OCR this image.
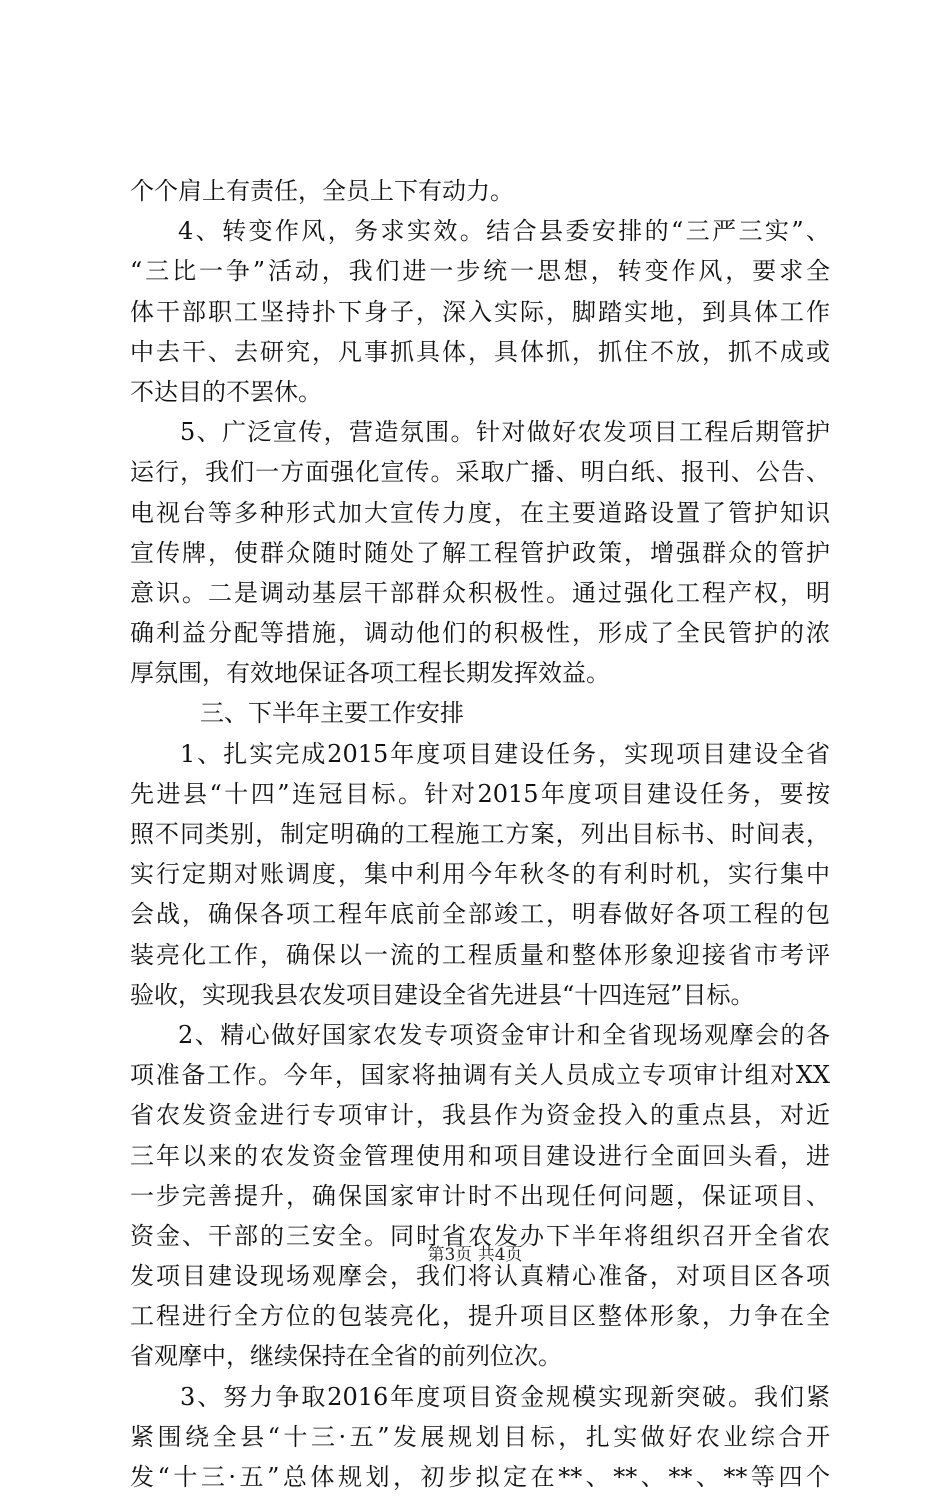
个个肩上有责任，全员上下有动力。
4、转变作风，务求实效。结合县委安排的“三严三实”、
“三比一争”活动，我们进一步统一思想，转变作风，要求全
体干部职工坚持扑下身子，深入实际，脚踏实地，到具体工作
中去干、去研究，凡事抓具体，具体抓，抓住不放，抓不成或
不达目的不罢休。
5、广泛宣传，营造氛围。针对做好农发项目工程后期管护
运行，我们一方面强化宣传。采取广播、明白纸、报刊、公告、
电视台等多种形式加大宣传力度，在主要道路设置了管护知识
宣传牌，使群众随时随处了解工程管护政策，增强群众的管护
意识。二是调动基层干部群众积极性。通过强化工程产权，明
确利益分配等措施，调动他们的积极性，形成了全民管护的浓
厚氛围，有效地保证各项工程长期发挥效益。
三、下半年主要工作安排
1、扎实完成2015年度项目建设任务，实现项目建设全省
先进县“十四”连冠目标。针对2015年度项目建设任务，要按
照不同类别，制定明确的工程施工方案，列出目标书、时间表，
实行定期对账调度，集中利用今年秋冬的有利时机，实行集中
会战，确保各项工程年底前全部竣工，明春做好各项工程的包
装亮化工作，确保以一流的工程质量和整体形象迎接省市考评
验收，实现我县农发项目建设全省先进县“十四连冠”目标。
2、精心做好国家农发专项资金审计和全省现场观摩会的各
项准备工作。今年，国家将抽调有关人员成立专项审计组对XX
省农发资金进行专项审计，我县作为资金投入的重点县，对近
三年以来的农发资金管理使用和项目建设进行全面回头看，进
一步完善提升，确保国家审计时不出现任何问题，保证项目、
资金、干部的三安全。同时省农发办下半年将组织召开全省农
发项目建设现场观摩会，我们将认真精心准备，对项目区各项
工程进行全方位的包装亮化，提升项目区整体形象，力争在全
省观摩中，继续保持在全省的前列位次。
3、努力争取2016年度项目资金规模实现新突破。我们紧
紧围绕全县“十三·五”发展规划目标，扎实做好农业综合开
发“十三·五”总体规划，初步拟定在**、**、**、**等四个
第3页 共4页
